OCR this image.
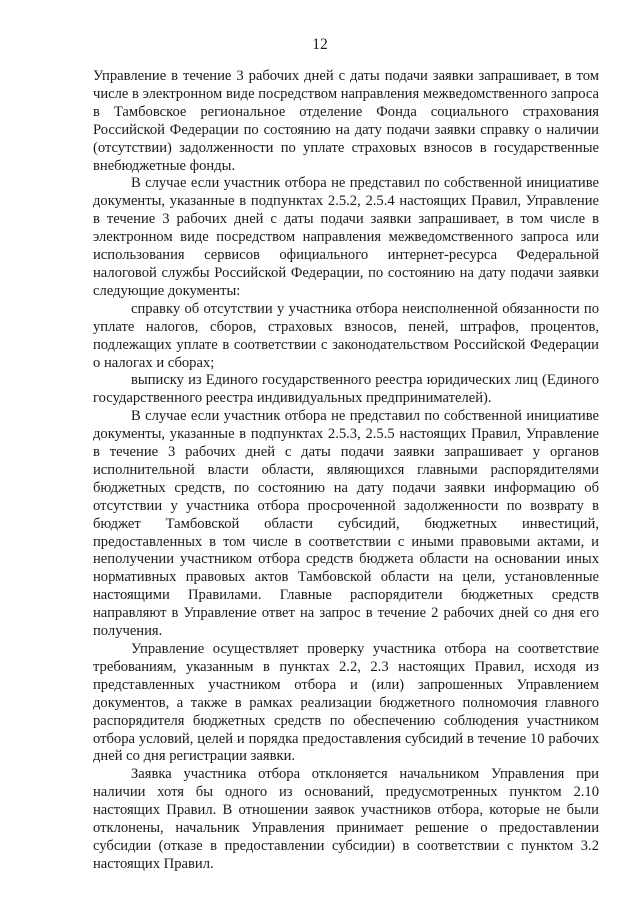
12

Управление в течение 3 рабочих дней с даты подачи заявки запрашивает, в том числе в электронном виде посредством направления межведомственного запроса в Тамбовское региональное отделение Фонда социального страхования Российской Федерации по состоянию на дату подачи заявки справку о наличии (отсутствии) задолженности по уплате страховых взносов в государственные внебюджетные фонды.

В случае если участник отбора не представил по собственной инициативе документы, указанные в подпунктах 2.5.2, 2.5.4 настоящих Правил, Управление в течение 3 рабочих дней с даты подачи заявки запрашивает, в том числе в электронном виде посредством направления межведомственного запроса или использования сервисов официального интернет-ресурса Федеральной налоговой службы Российской Федерации, по состоянию на дату подачи заявки следующие документы:

справку об отсутствии у участника отбора неисполненной обязанности по уплате налогов, сборов, страховых взносов, пеней, штрафов, процентов, подлежащих уплате в соответствии с законодательством Российской Федерации о налогах и сборах;

выписку из Единого государственного реестра юридических лиц (Единого государственного реестра индивидуальных предпринимателей).

В случае если участник отбора не представил по собственной инициативе документы, указанные в подпунктах 2.5.3, 2.5.5 настоящих Правил, Управление в течение 3 рабочих дней с даты подачи заявки запрашивает у органов исполнительной власти области, являющихся главными распорядителями бюджетных средств, по состоянию на дату подачи заявки информацию об отсутствии у участника отбора просроченной задолженности по возврату в бюджет Тамбовской области субсидий, бюджетных инвестиций, предоставленных в том числе в соответствии с иными правовыми актами, и неполучении участником отбора средств бюджета области на основании иных нормативных правовых актов Тамбовской области на цели, установленные настоящими Правилами. Главные распорядители бюджетных средств направляют в Управление ответ на запрос в течение 2 рабочих дней со дня его получения.

Управление осуществляет проверку участника отбора на соответствие требованиям, указанным в пунктах 2.2, 2.3 настоящих Правил, исходя из представленных участником отбора и (или) запрошенных Управлением документов, а также в рамках реализации бюджетного полномочия главного распорядителя бюджетных средств по обеспечению соблюдения участником отбора условий, целей и порядка предоставления субсидий в течение 10 рабочих дней со дня регистрации заявки.

Заявка участника отбора отклоняется начальником Управления при наличии хотя бы одного из оснований, предусмотренных пунктом 2.10 настоящих Правил. В отношении заявок участников отбора, которые не были отклонены, начальник Управления принимает решение о предоставлении субсидии (отказе в предоставлении субсидии) в соответствии с пунктом 3.2 настоящих Правил.
